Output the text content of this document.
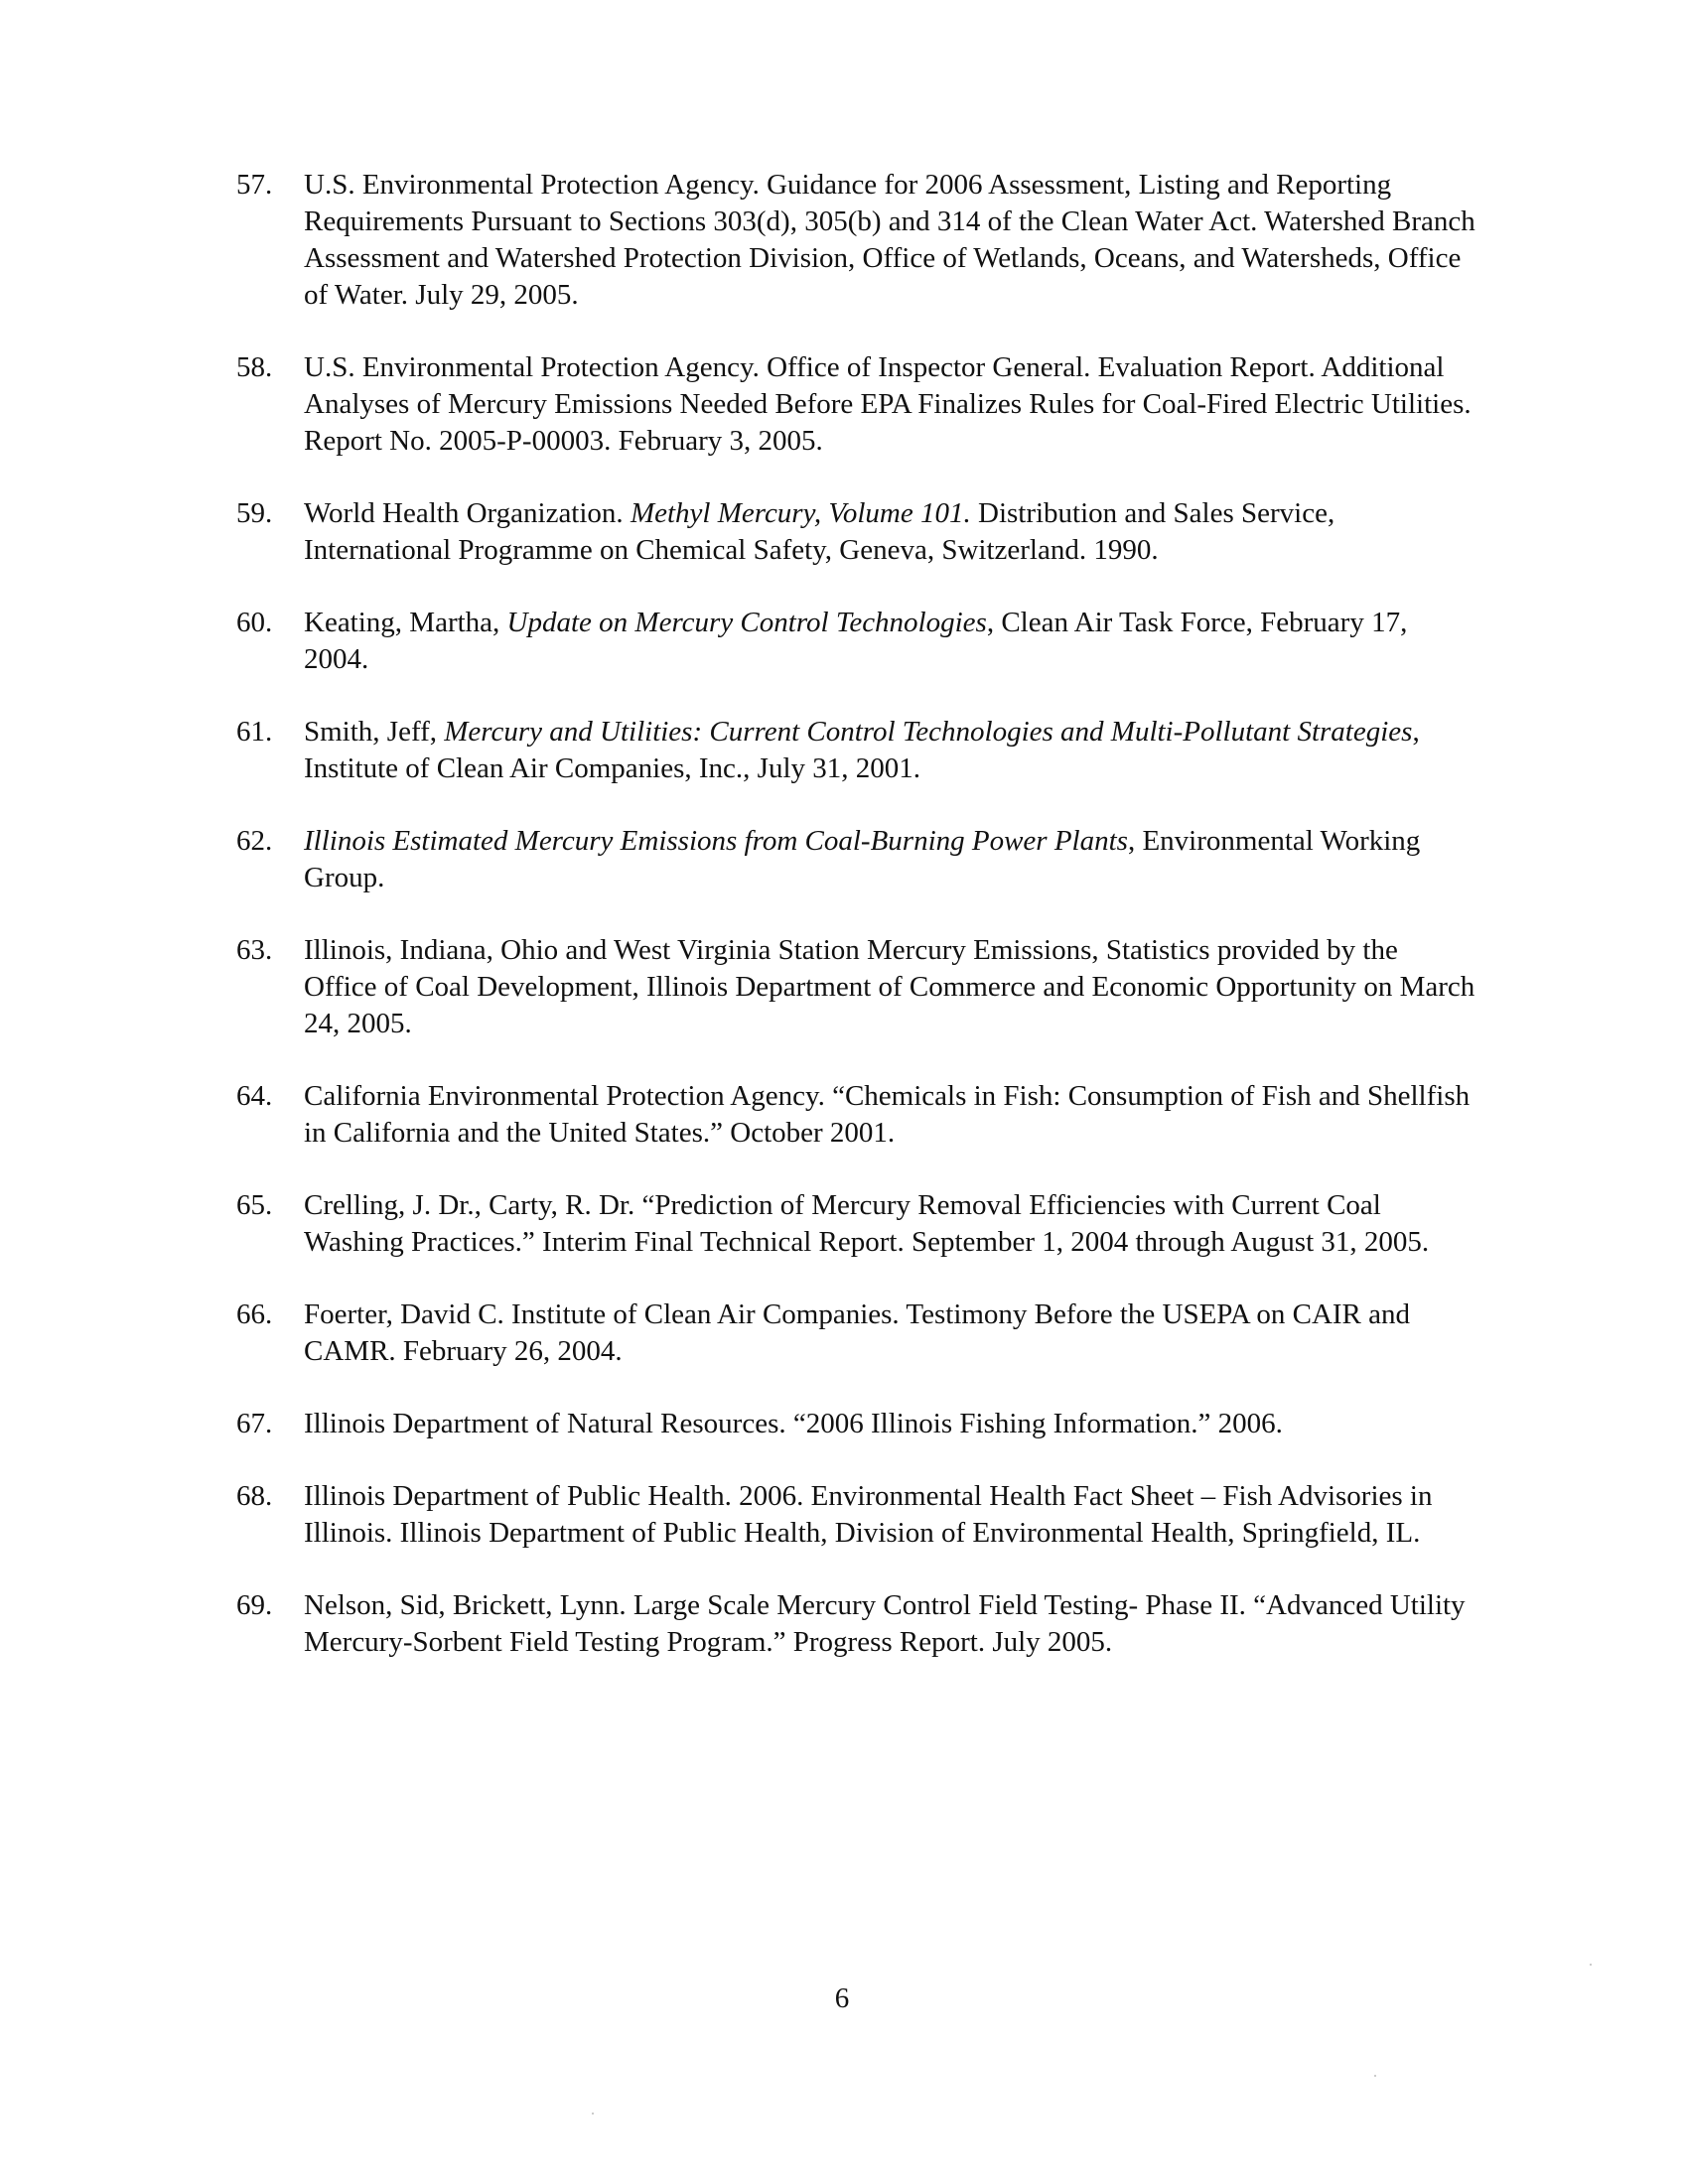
57. U.S. Environmental Protection Agency. Guidance for 2006 Assessment, Listing and Reporting Requirements Pursuant to Sections 303(d), 305(b) and 314 of the Clean Water Act. Watershed Branch Assessment and Watershed Protection Division, Office of Wetlands, Oceans, and Watersheds, Office of Water. July 29, 2005.
58. U.S. Environmental Protection Agency. Office of Inspector General. Evaluation Report. Additional Analyses of Mercury Emissions Needed Before EPA Finalizes Rules for Coal-Fired Electric Utilities. Report No. 2005-P-00003. February 3, 2005.
59. World Health Organization. Methyl Mercury, Volume 101. Distribution and Sales Service, International Programme on Chemical Safety, Geneva, Switzerland. 1990.
60. Keating, Martha, Update on Mercury Control Technologies, Clean Air Task Force, February 17, 2004.
61. Smith, Jeff, Mercury and Utilities: Current Control Technologies and Multi-Pollutant Strategies, Institute of Clean Air Companies, Inc., July 31, 2001.
62. Illinois Estimated Mercury Emissions from Coal-Burning Power Plants, Environmental Working Group.
63. Illinois, Indiana, Ohio and West Virginia Station Mercury Emissions, Statistics provided by the Office of Coal Development, Illinois Department of Commerce and Economic Opportunity on March 24, 2005.
64. California Environmental Protection Agency. “Chemicals in Fish: Consumption of Fish and Shellfish in California and the United States.” October 2001.
65. Crelling, J. Dr., Carty, R. Dr. “Prediction of Mercury Removal Efficiencies with Current Coal Washing Practices.” Interim Final Technical Report. September 1, 2004 through August 31, 2005.
66. Foerter, David C. Institute of Clean Air Companies. Testimony Before the USEPA on CAIR and CAMR. February 26, 2004.
67. Illinois Department of Natural Resources. “2006 Illinois Fishing Information.” 2006.
68. Illinois Department of Public Health. 2006. Environmental Health Fact Sheet – Fish Advisories in Illinois. Illinois Department of Public Health, Division of Environmental Health, Springfield, IL.
69. Nelson, Sid, Brickett, Lynn. Large Scale Mercury Control Field Testing- Phase II. “Advanced Utility Mercury-Sorbent Field Testing Program.” Progress Report. July 2005.
6
